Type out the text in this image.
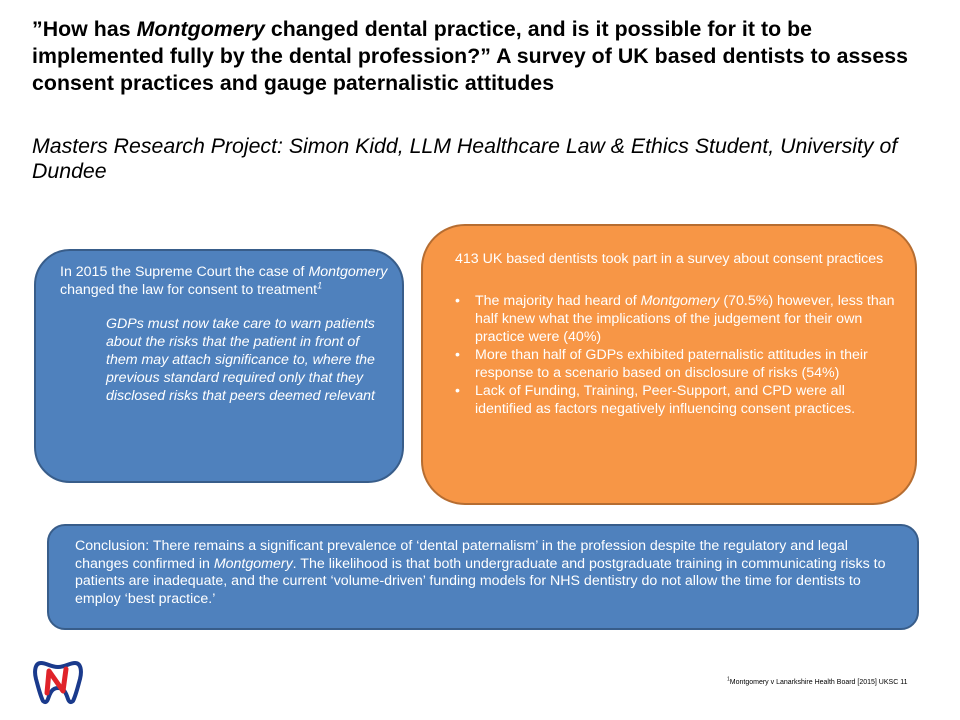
”How has Montgomery changed dental practice, and is it possible for it to be implemented fully by the dental profession?” A survey of UK based dentists to assess consent practices and gauge paternalistic attitudes
Masters Research Project: Simon Kidd, LLM Healthcare Law & Ethics Student, University of Dundee
In 2015 the Supreme Court the case of Montgomery changed the law for consent to treatment$^1$
GDPs must now take care to warn patients about the risks that the patient in front of them may attach significance to, where the previous standard required only that they disclosed risks that peers deemed relevant
413 UK based dentists took part in a survey about consent practices
• The majority had heard of Montgomery (70.5%) however, less than half knew what the implications of the judgement for their own practice were (40%)
• More than half of GDPs exhibited paternalistic attitudes in their response to a scenario based on disclosure of risks (54%)
• Lack of Funding, Training, Peer-Support, and CPD were all identified as factors negatively influencing consent practices.
Conclusion: There remains a significant prevalence of ‘dental paternalism’ in the profession despite the regulatory and legal changes confirmed in Montgomery. The likelihood is that both undergraduate and postgraduate training in communicating risks to patients are inadequate, and the current ‘volume-driven’ funding models for NHS dentistry do not allow the time for dentists to employ ‘best practice.’
$^1$Montgomery v Lanarkshire Health Board [2015] UKSC 11
